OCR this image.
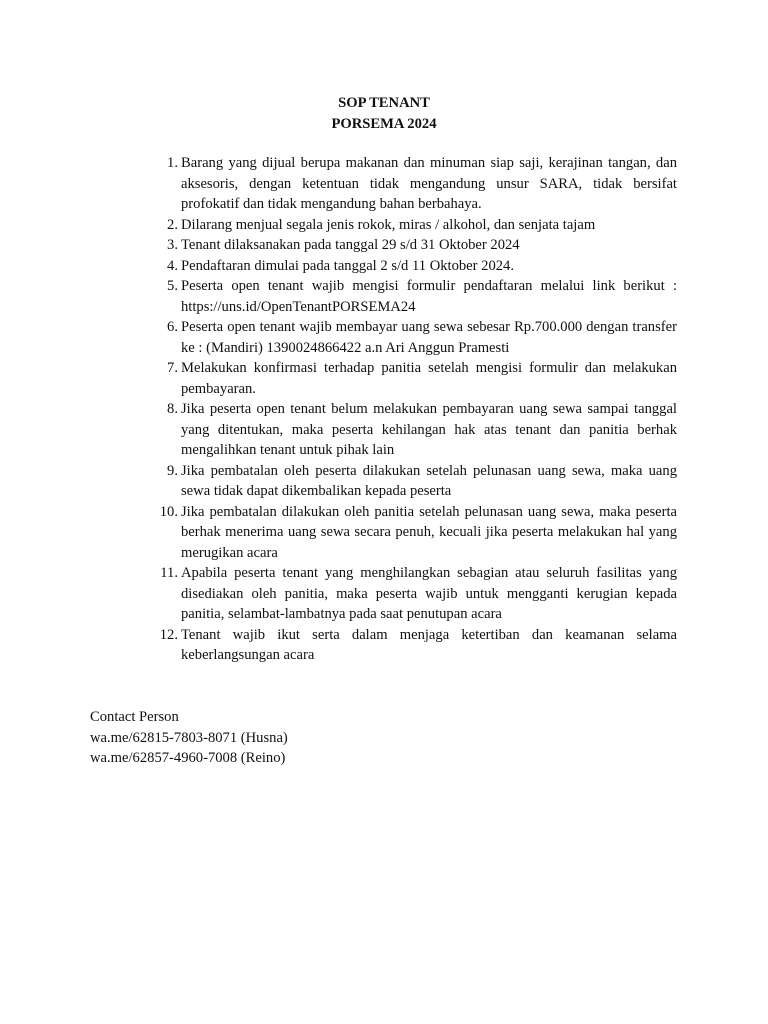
SOP TENANT
PORSEMA 2024
1. Barang yang dijual berupa makanan dan minuman siap saji, kerajinan tangan, dan aksesoris, dengan ketentuan tidak mengandung unsur SARA, tidak bersifat profokatif dan tidak mengandung bahan berbahaya.
2. Dilarang menjual segala jenis rokok, miras / alkohol, dan senjata tajam
3. Tenant dilaksanakan pada tanggal 29 s/d 31 Oktober 2024
4. Pendaftaran dimulai pada tanggal 2 s/d 11 Oktober 2024.
5. Peserta open tenant wajib mengisi formulir pendaftaran melalui link berikut : https://uns.id/OpenTenantPORSEMA24
6. Peserta open tenant wajib membayar uang sewa sebesar Rp.700.000 dengan transfer ke : (Mandiri) 1390024866422 a.n Ari Anggun Pramesti
7. Melakukan konfirmasi terhadap panitia setelah mengisi formulir dan melakukan pembayaran.
8. Jika peserta open tenant belum melakukan pembayaran uang sewa sampai tanggal yang ditentukan, maka peserta kehilangan hak atas tenant dan panitia berhak mengalihkan tenant untuk pihak lain
9. Jika pembatalan oleh peserta dilakukan setelah pelunasan uang sewa, maka uang sewa tidak dapat dikembalikan kepada peserta
10. Jika pembatalan dilakukan oleh panitia setelah pelunasan uang sewa, maka peserta berhak menerima uang sewa secara penuh, kecuali jika peserta melakukan hal yang merugikan acara
11. Apabila peserta tenant yang menghilangkan sebagian atau seluruh fasilitas yang disediakan oleh panitia, maka peserta wajib untuk mengganti kerugian kepada panitia, selambat-lambatnya pada saat penutupan acara
12. Tenant wajib ikut serta dalam menjaga ketertiban dan keamanan selama keberlangsungan acara
Contact Person
wa.me/62815-7803-8071 (Husna)
wa.me/62857-4960-7008 (Reino)
